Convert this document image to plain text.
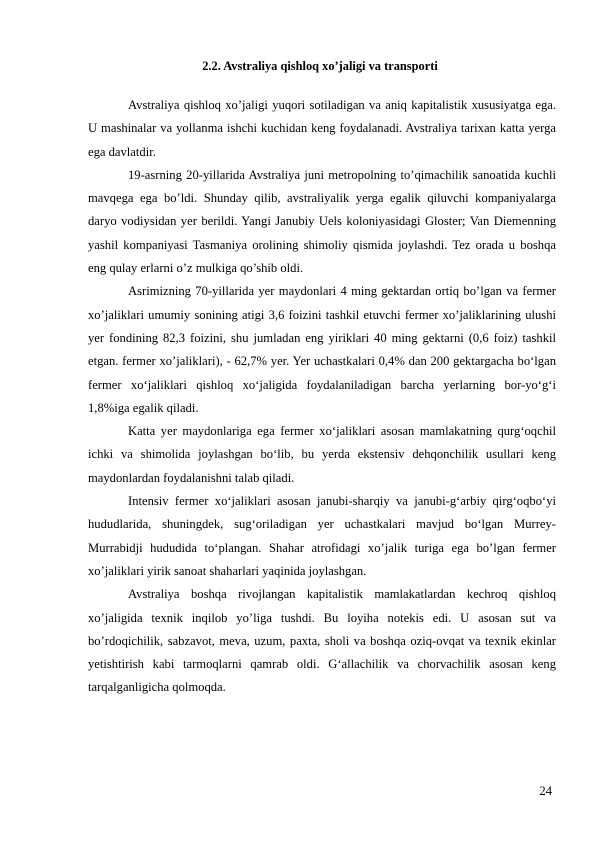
2.2. Avstraliya qishloq xo’jaligi va transporti

Avstraliya qishloq xo’jaligi yuqori sotiladigan va aniq kapitalistik xususiyatga ega. U mashinalar va yollanma ishchi kuchidan keng foydalanadi. Avstraliya tarixan katta yerga ega davlatdir.

19-asrning 20-yillarida Avstraliya juni metropolning to’qimachilik sanoatida kuchli mavqega ega bo’ldi. Shunday qilib, avstraliyalik yerga egalik qiluvchi kompaniyalarga daryo vodiysidan yer berildi. Yangi Janubiy Uels koloniyasidagi Gloster; Van Diemenning yashil kompaniyasi Tasmaniya orolining shimoliy qismida joylashdi. Tez orada u boshqa eng qulay erlarni o’z mulkiga qo’shib oldi.

Asrimizning 70-yillarida yer maydonlari 4 ming gektardan ortiq bo’lgan va fermer xo’jaliklari umumiy sonining atigi 3,6 foizini tashkil etuvchi fermer xo’jaliklarining ulushi yer fondining 82,3 foizini, shu jumladan eng yiriklari 40 ming gektarni (0,6 foiz) tashkil etgan. fermer xo’jaliklari), - 62,7% yer. Yer uchastkalari 0,4% dan 200 gektargacha bo‘lgan fermer xo‘jaliklari qishloq xo‘jaligida foydalaniladigan barcha yerlarning bor-yo‘g‘i 1,8%iga egalik qiladi.

Katta yer maydonlariga ega fermer xo‘jaliklari asosan mamlakatning qurg‘oqchil ichki va shimolida joylashgan bo‘lib, bu yerda ekstensiv dehqonchilik usullari keng maydonlardan foydalanishni talab qiladi.

Intensiv fermer xo‘jaliklari asosan janubi-sharqiy va janubi-g‘arbiy qirg‘oqbo‘yi hududlarida, shuningdek, sug‘oriladigan yer uchastkalari mavjud bo‘lgan Murrey-Murrabidji hududida to‘plangan. Shahar atrofidagi xo’jalik turiga ega bo’lgan fermer xo’jaliklari yirik sanoat shaharlari yaqinida joylashgan.

Avstraliya boshqa rivojlangan kapitalistik mamlakatlardan kechroq qishloq xo’jaligida texnik inqilob yo’liga tushdi. Bu loyiha notekis edi. U asosan sut va bo’rdoqichilik, sabzavot, meva, uzum, paxta, sholi va boshqa oziq-ovqat va texnik ekinlar yetishtirish kabi tarmoqlarni qamrab oldi. G‘allachilik va chorvachilik asosan keng tarqalganligicha qolmoqda.

24
